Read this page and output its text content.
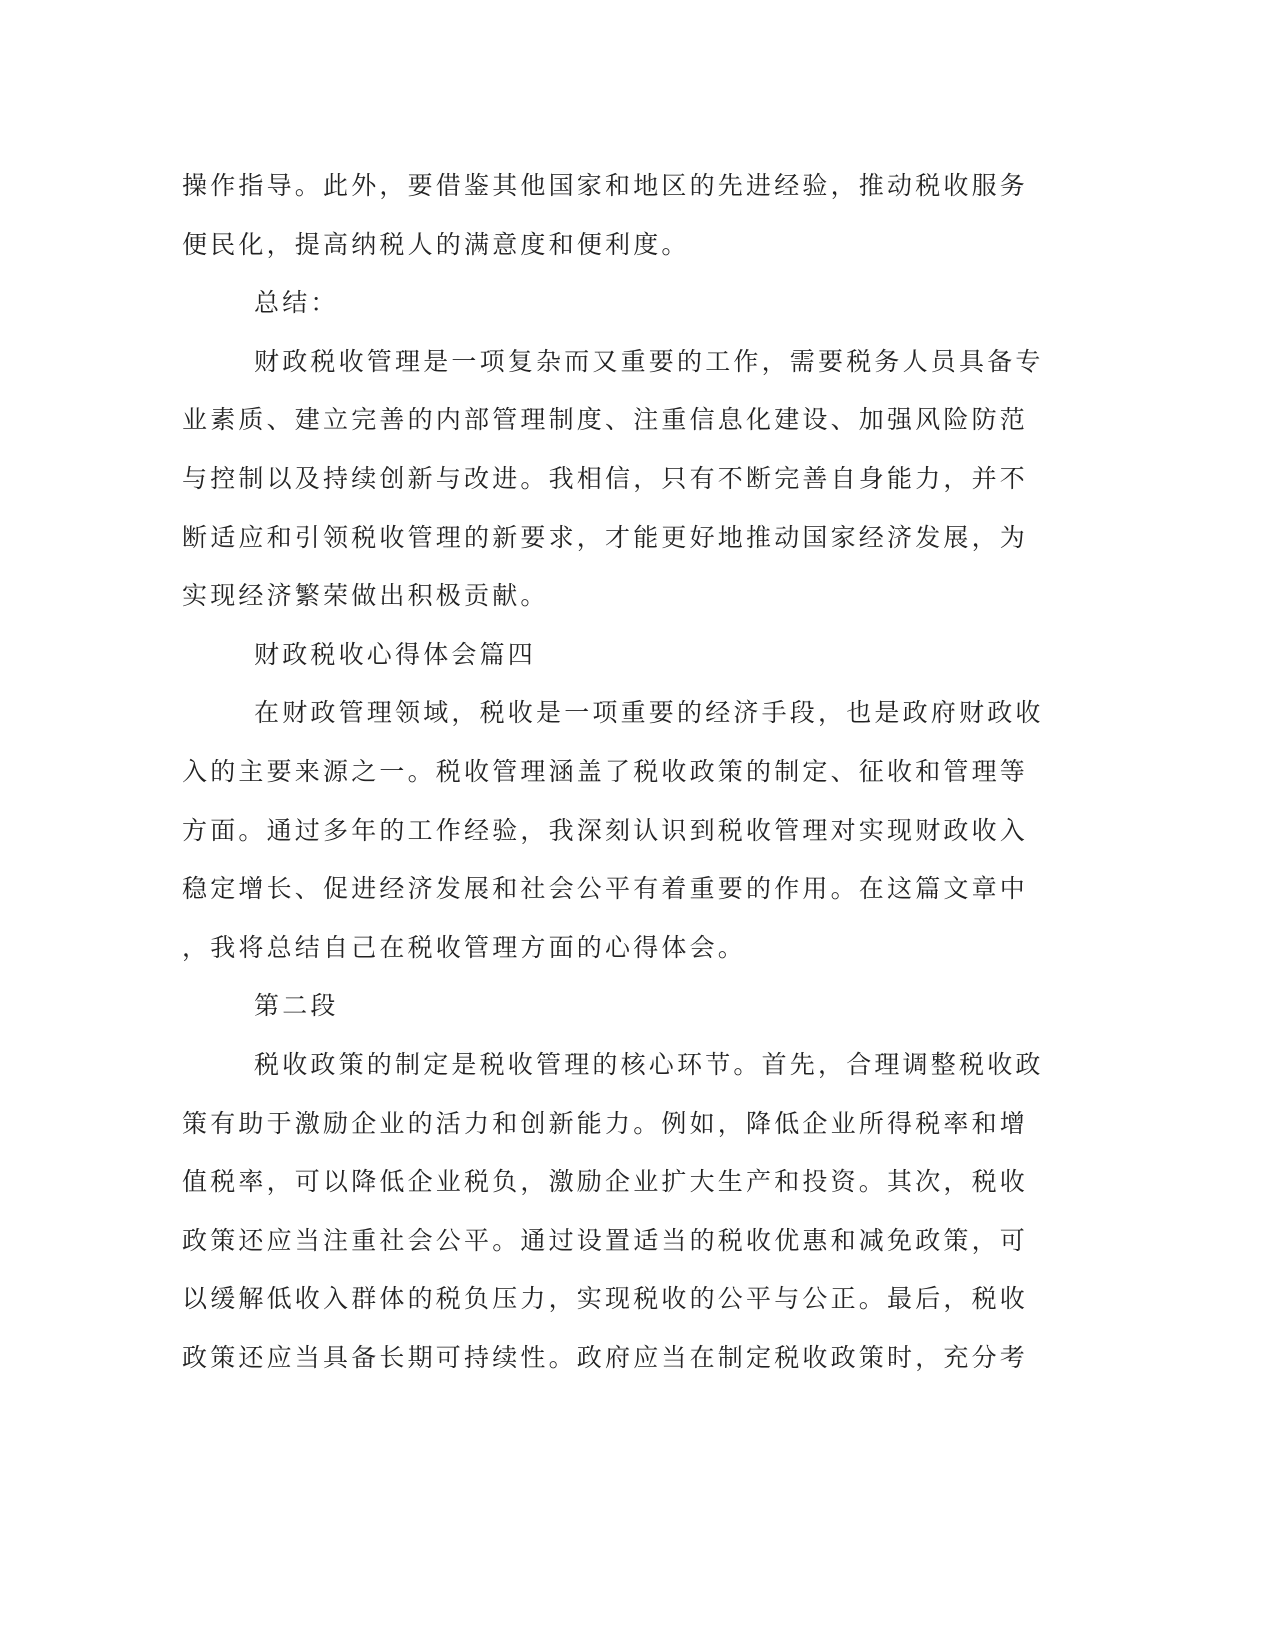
操作指导。此外，要借鉴其他国家和地区的先进经验，推动税收服务
便民化，提高纳税人的满意度和便利度。
总结：
财政税收管理是一项复杂而又重要的工作，需要税务人员具备专
业素质、建立完善的内部管理制度、注重信息化建设、加强风险防范
与控制以及持续创新与改进。我相信，只有不断完善自身能力，并不
断适应和引领税收管理的新要求，才能更好地推动国家经济发展，为
实现经济繁荣做出积极贡献。
财政税收心得体会篇四
在财政管理领域，税收是一项重要的经济手段，也是政府财政收
入的主要来源之一。税收管理涵盖了税收政策的制定、征收和管理等
方面。通过多年的工作经验，我深刻认识到税收管理对实现财政收入
稳定增长、促进经济发展和社会公平有着重要的作用。在这篇文章中
，我将总结自己在税收管理方面的心得体会。
第二段
税收政策的制定是税收管理的核心环节。首先，合理调整税收政
策有助于激励企业的活力和创新能力。例如，降低企业所得税率和增
值税率，可以降低企业税负，激励企业扩大生产和投资。其次，税收
政策还应当注重社会公平。通过设置适当的税收优惠和减免政策，可
以缓解低收入群体的税负压力，实现税收的公平与公正。最后，税收
政策还应当具备长期可持续性。政府应当在制定税收政策时，充分考
